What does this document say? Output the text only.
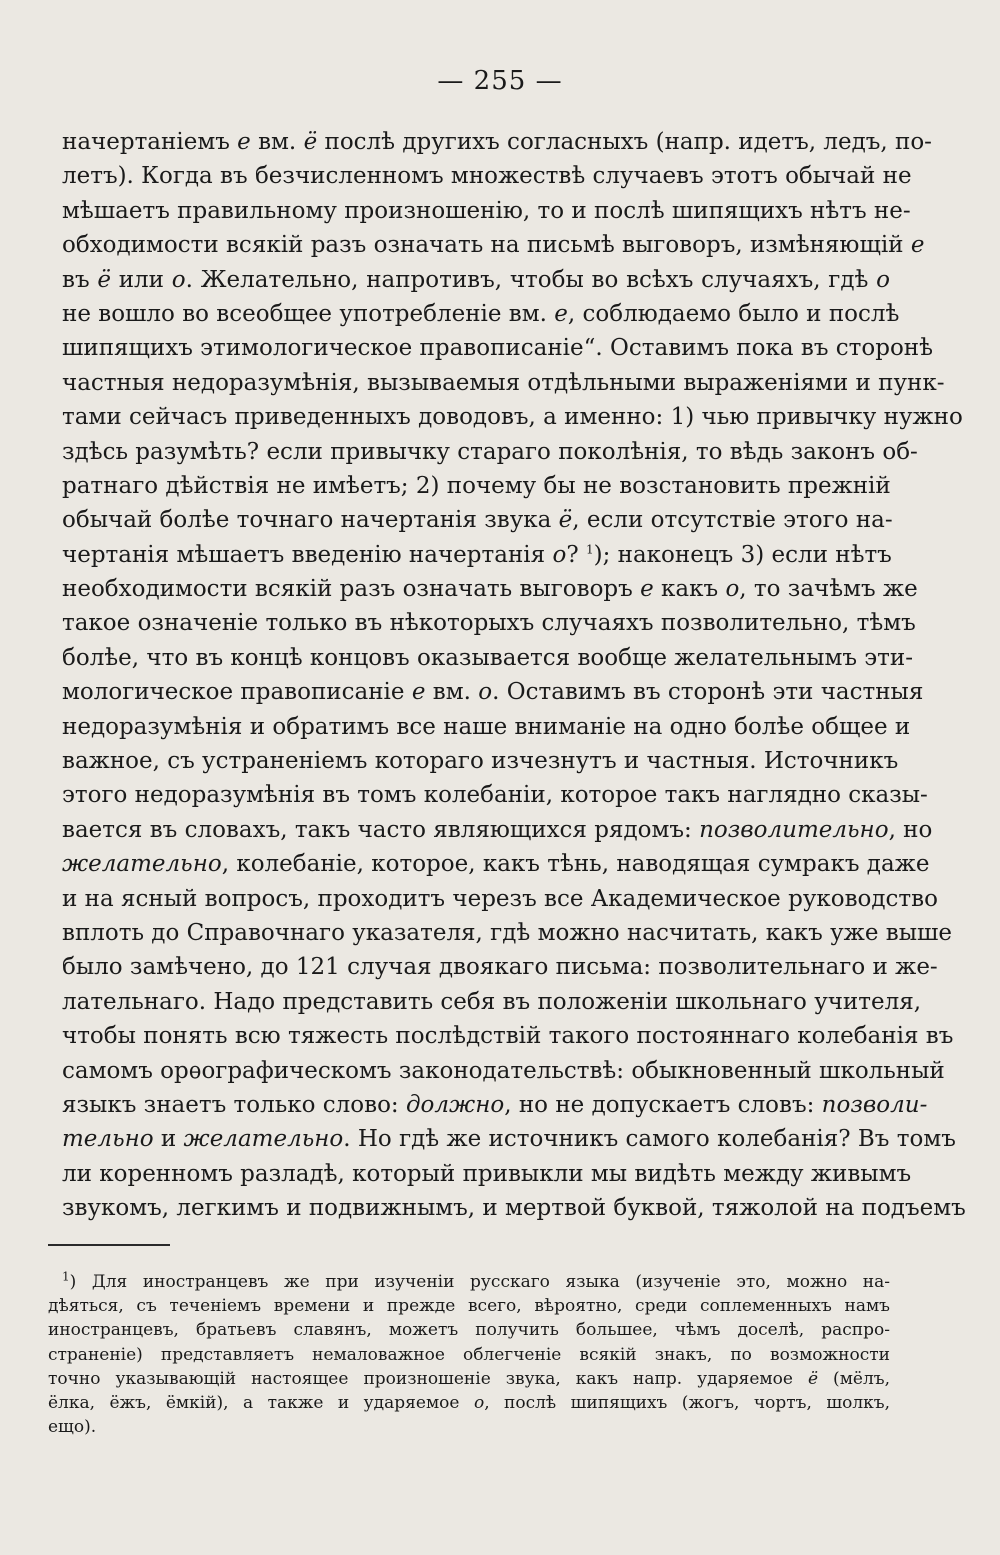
— 255 —
начертаніемъ е вм. ё послѣ другихъ согласныхъ (напр. идетъ, ледъ, по-
летъ). Когда въ безчисленномъ множествѣ случаевъ этотъ обычай не
мѣшаетъ правильному произношенію, то и послѣ шипящихъ нѣтъ не-
обходимости всякій разъ означать на письмѣ выговоръ, измѣняющій е
въ ё или о. Желательно, напротивъ, чтобы во всѣхъ случаяхъ, гдѣ о
не вошло во всеобщее употребленіе вм. е, соблюдаемо было и послѣ
шипящихъ этимологическое правописаніе“. Оставимъ пока въ сторонѣ
частныя недоразумѣнія, вызываемыя отдѣльными выраженіями и пунк-
тами сейчасъ приведенныхъ доводовъ, а именно: 1) чью привычку нужно
здѣсь разумѣть? если привычку стараго поколѣнія, то вѣдь законъ об-
ратнаго дѣйствія не имѣетъ; 2) почему бы не возстановить прежній
обычай болѣе точнаго начертанія звука ё, если отсутствіе этого на-
чертанія мѣшаетъ введенію начертанія о? $^1$); наконецъ 3) если нѣтъ
необходимости всякій разъ означать выговоръ е какъ о, то зачѣмъ же
такое означеніе только въ нѣкоторыхъ случаяхъ позволительно, тѣмъ
болѣе, что въ концѣ концовъ оказывается вообще желательнымъ эти-
мологическое правописаніе е вм. о. Оставимъ въ сторонѣ эти частныя
недоразумѣнія и обратимъ все наше вниманіе на одно болѣе общее и
важное, съ устраненіемъ котораго изчезнутъ и частныя. Источникъ
этого недоразумѣнія въ томъ колебаніи, которое такъ наглядно сказы-
вается въ словахъ, такъ часто являющихся рядомъ: позволительно, но
желательно, колебаніе, которое, какъ тѣнь, наводящая сумракъ даже
и на ясный вопросъ, проходитъ черезъ все Академическое руководство
вплоть до Справочнаго указателя, гдѣ можно насчитать, какъ уже выше
было замѣчено, до 121 случая двоякаго письма: позволительнаго и же-
лательнаго. Надо представить себя въ положеніи школьнаго учителя,
чтобы понять всю тяжесть послѣдствій такого постояннаго колебанія въ
самомъ орѳографическомъ законодательствѣ: обыкновенный школьный
языкъ знаетъ только слово: должно, но не допускаетъ словъ: позволи-
тельно и желательно. Но гдѣ же источникъ самого колебанія? Въ томъ
ли коренномъ разладѣ, который привыкли мы видѣть между живымъ
звукомъ, легкимъ и подвижнымъ, и мертвой буквой, тяжолой на подъемъ
$^1$) Для иностранцевъ же при изученіи русскаго языка (изученіе это, можно на-
дѣяться, съ теченіемъ времени и прежде всего, вѣроятно, среди соплеменныхъ намъ
иностранцевъ, братьевъ славянъ, можетъ получить большее, чѣмъ доселѣ, распро-
страненіе) представляетъ немаловажное облегченіе всякій знакъ, по возможности
точно указывающій настоящее произношеніе звука, какъ напр. ударяемое ё (мёлъ,
ёлка, ёжъ, ёмкій), а также и ударяемое о, послѣ шипящихъ (жогъ, чортъ, шолкъ,
ещо).
